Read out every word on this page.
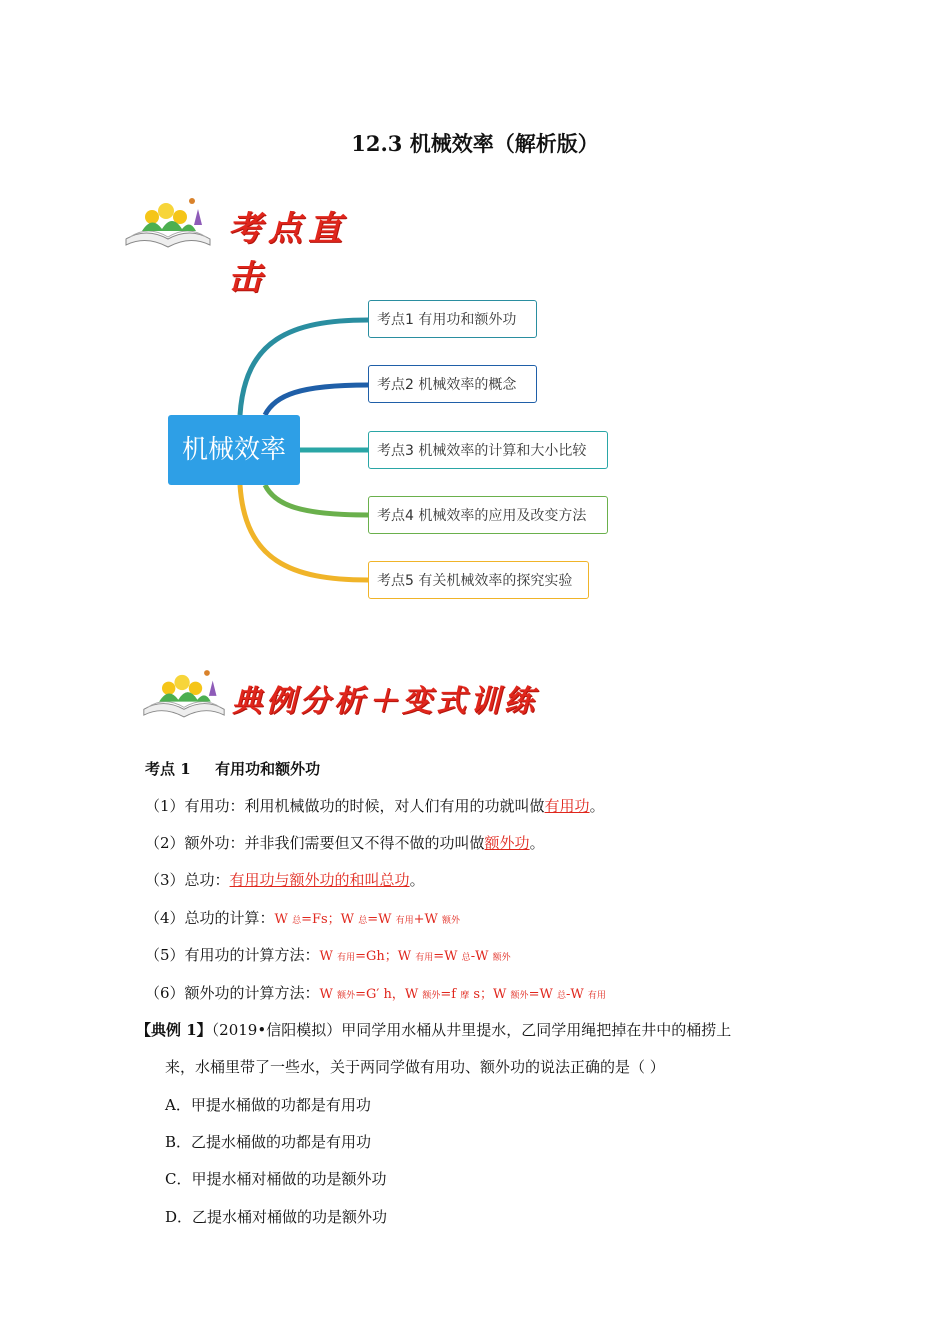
12.3 机械效率（解析版）
考点直击
机械效率
考点1 有用功和额外功
考点2 机械效率的概念
考点3 机械效率的计算和大小比较
考点4 机械效率的应用及改变方法
考点5 有关机械效率的探究实验
典例分析＋变式训练
考点 1 有用功和额外功
（1）有用功：利用机械做功的时候，对人们有用的功就叫做有用功。
（2）额外功：并非我们需要但又不得不做的功叫做额外功。
（3）总功：有用功与额外功的和叫总功。
（4）总功的计算：W 总=Fs；W 总=W 有用+W 额外
（5）有用功的计算方法：W 有用=Gh；W 有用=W 总-W 额外
（6）额外功的计算方法：W 额外=G′ h，W 额外=f 摩 s；W 额外=W 总-W 有用
【典例 1】（2019•信阳模拟）甲同学用水桶从井里提水，乙同学用绳把掉在井中的桶捞上
来，水桶里带了一些水，关于两同学做有用功、额外功的说法正确的是（ ）
A．甲提水桶做的功都是有用功
B．乙提水桶做的功都是有用功
C．甲提水桶对桶做的功是额外功
D．乙提水桶对桶做的功是额外功
